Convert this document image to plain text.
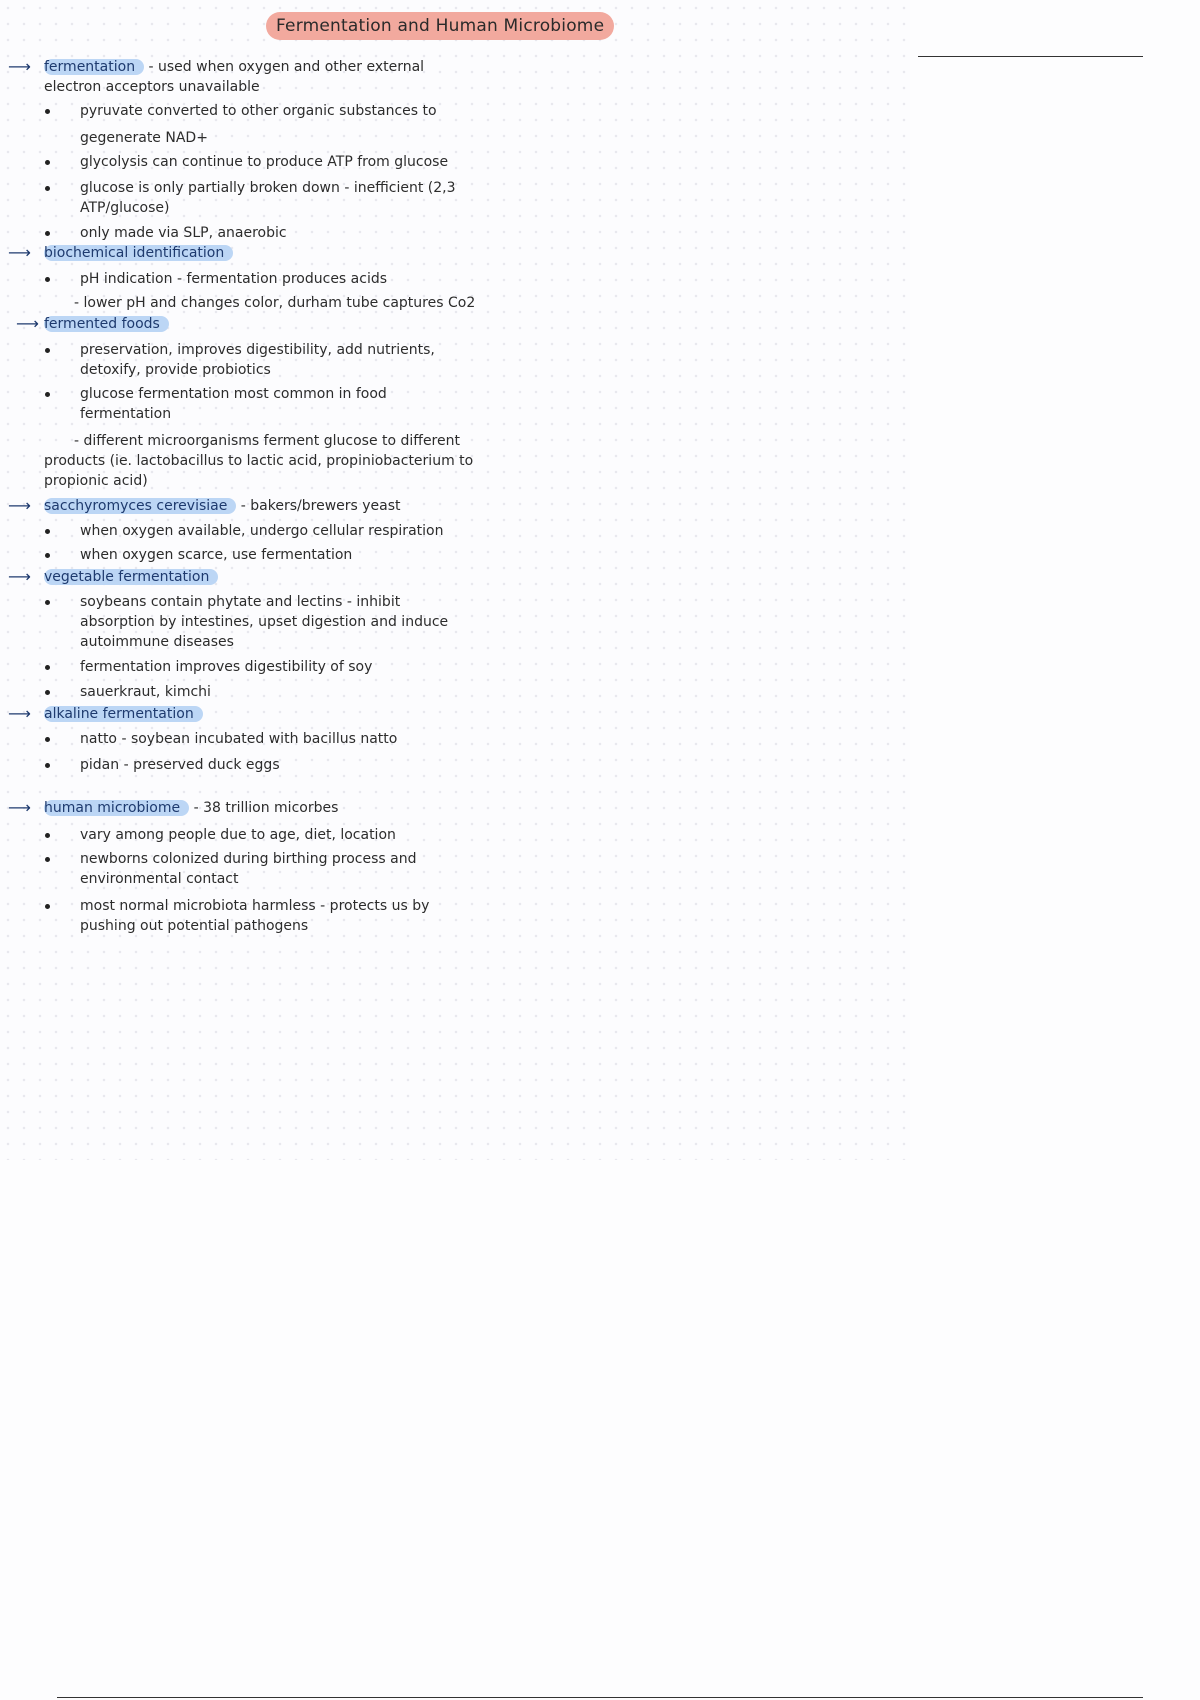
Fermentation and Human Microbiome
⟶ fermentation - used when oxygen and other external
electron acceptors unavailable
pyruvate converted to other organic substances to
gegenerate NAD+
glycolysis can continue to produce ATP from glucose
glucose is only partially broken down - inefficient (2,3
ATP/glucose)
only made via SLP, anaerobic
⟶ biochemical identification
pH indication - fermentation produces acids
- lower pH and changes color, durham tube captures Co2
⟶ fermented foods
preservation, improves digestibility, add nutrients,
detoxify, provide probiotics
glucose fermentation most common in food
fermentation
- different microorganisms ferment glucose to different
products (ie. lactobacillus to lactic acid, propiniobacterium to
propionic acid)
⟶ sacchyromyces cerevisiae - bakers/brewers yeast
when oxygen available, undergo cellular respiration
when oxygen scarce, use fermentation
⟶ vegetable fermentation
soybeans contain phytate and lectins - inhibit
absorption by intestines, upset digestion and induce
autoimmune diseases
fermentation improves digestibility of soy
sauerkraut, kimchi
⟶ alkaline fermentation
natto - soybean incubated with bacillus natto
pidan - preserved duck eggs
⟶ human microbiome - 38 trillion micorbes
vary among people due to age, diet, location
newborns colonized during birthing process and
environmental contact
most normal microbiota harmless - protects us by
pushing out potential pathogens
